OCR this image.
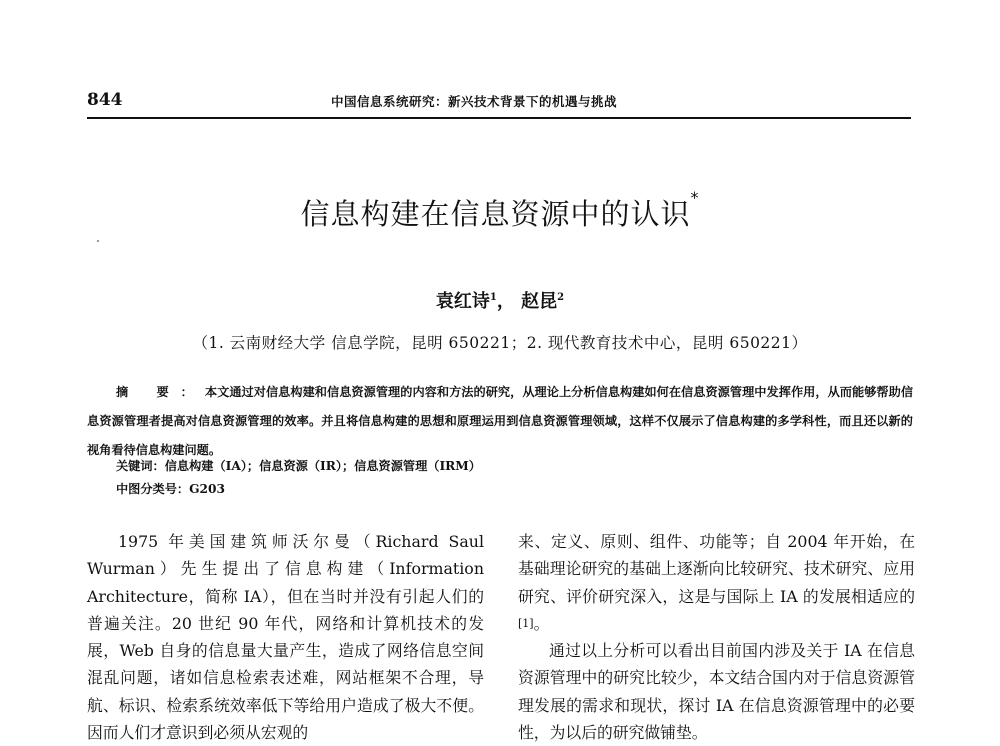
844	中国信息系统研究：新兴技术背景下的机遇与挑战
信息构建在信息资源中的认识*
袁红诗$^1$， 赵昆$^2$
（1. 云南财经大学 信息学院，昆明 650221；2. 现代教育技术中心，昆明 650221）
摘 要：本文通过对信息构建和信息资源管理的内容和方法的研究，从理论上分析信息构建如何在信息资源管理中发挥作用，从而能够帮助信息资源管理者提高对信息资源管理的效率。并且将信息构建的思想和原理运用到信息资源管理领域，这样不仅展示了信息构建的多学科性，而且还以新的视角看待信息构建问题。
关键词：信息构建（IA）；信息资源（IR）；信息资源管理（IRM）
中图分类号：G203

1975 年美国建筑师沃尔曼（Richard Saul Wurman）先生提出了信息构建（Information Architecture，简称 IA），但在当时并没有引起人们的普遍关注。20 世纪 90 年代，网络和计算机技术的发展，Web 自身的信息量大量产生，造成了网络信息空间混乱问题，诸如信息检索表述难，网站框架不合理，导航、标识、检索系统效率低下等给用户造成了极大不便。因而人们才意识到必须从宏观的

来、定义、原则、组件、功能等；自 2004 年开始，在基础理论研究的基础上逐渐向比较研究、技术研究、应用研究、评价研究深入，这是与国际上 IA 的发展相适应的[1]。

通过以上分析可以看出目前国内涉及关于 IA 在信息资源管理中的研究比较少，本文结合国内对于信息资源管理发展的需求和现状，探讨 IA 在信息资源管理中的必要性，为以后的研究做铺垫。
